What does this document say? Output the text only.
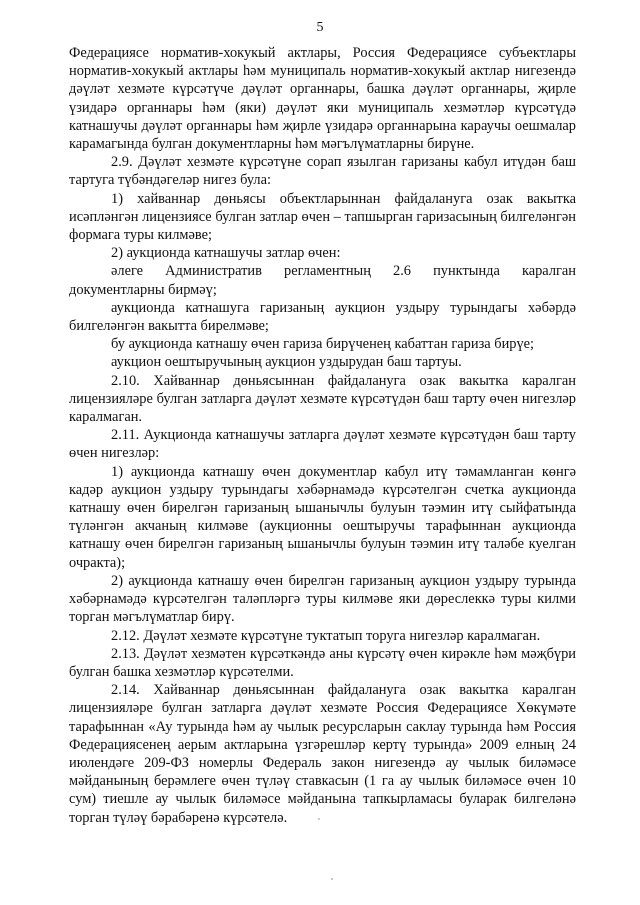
5

Федерациясе норматив-хокукый актлары, Россия Федерациясе субъектлары норматив-хокукый актлары һәм муниципаль норматив-хокукый актлар нигезендә дәүләт хезмәте күрсәтүче дәүләт органнары, башка дәүләт органнары, җирле үзидарә органнары һәм (яки) дәүләт яки муниципаль хезмәтләр күрсәтүдә катнашучы дәүләт органнары һәм җирле үзидарә органнарына караучы оешмалар карамагында булган документларны һәм мәгълүматларны бирүне.

2.9. Дәүләт хезмәте күрсәтүне сорап язылган гаризаны кабул итүдән баш тартуга түбәндәгеләр нигез була:

1) хайваннар дөньясы объектларыннан файдалануга озак вакытка исәпләнгән лицензиясе булган затлар өчен – тапшырган гаризасының билгеләнгән формага туры килмәве;

2) аукционда катнашучы затлар өчен:

әлеге Административ регламентның 2.6 пунктында каралган документларны бирмәү;

аукционда катнашуга гаризаның аукцион уздыру турындагы хәбәрдә билгеләнгән вакытта бирелмәве;

бу аукционда катнашу өчен гариза бирүченең кабаттан гариза бирүе;

аукцион оештыручының аукцион уздырудан баш тартуы.

2.10. Хайваннар дөньясыннан файдалануга озак вакытка каралган лицензияләре булган затларга дәүләт хезмәте күрсәтүдән баш тарту өчен нигезләр каралмаган.

2.11. Аукционда катнашучы затларга дәүләт хезмәте күрсәтүдән баш тарту өчен нигезләр:

1) аукционда катнашу өчен документлар кабул итү тәмамланган көнгә кадәр аукцион уздыру турындагы хәбәрнамәдә күрсәтелгән счетка аукционда катнашу өчен бирелгән гаризаның ышанычлы булуын тәэмин итү сыйфатында түләнгән акчаның килмәве (аукционны оештыручы тарафыннан аукционда катнашу өчен бирелгән гаризаның ышанычлы булуын тәэмин итү таләбе куелган очракта);

2) аукционда катнашу өчен бирелгән гаризаның аукцион уздыру турында хәбәрнамәдә күрсәтелгән таләпләргә туры килмәве яки дөреслеккә туры килми торган мәгълүматлар бирү.

2.12. Дәүләт хезмәте күрсәтүне туктатып торуга нигезләр каралмаган.

2.13. Дәүләт хезмәтен күрсәткәндә аны күрсәтү өчен кирәкле һәм мәҗбүри булган башка хезмәтләр күрсәтелми.

2.14. Хайваннар дөньясыннан файдалануга озак вакытка каралган лицензияләре булган затларга дәүләт хезмәте Россия Федерациясе Хөкүмәте тарафыннан «Ау турында һәм ау чылык ресурсларын саклау турында һәм Россия Федерациясенең аерым актларына үзгәрешләр кертү турында» 2009 елның 24 июлендәге 209-ФЗ номерлы Федераль закон нигезендә ау чылык биләмәсе мәйданының берәмлеге өчен түләү ставкасын (1 га ау чылык биләмәсе өчен 10 сум) тиешле ау чылык биләмәсе мәйданына тапкырламасы буларак билгеләнә торган түләү бәрабәренә күрсәтелә.
